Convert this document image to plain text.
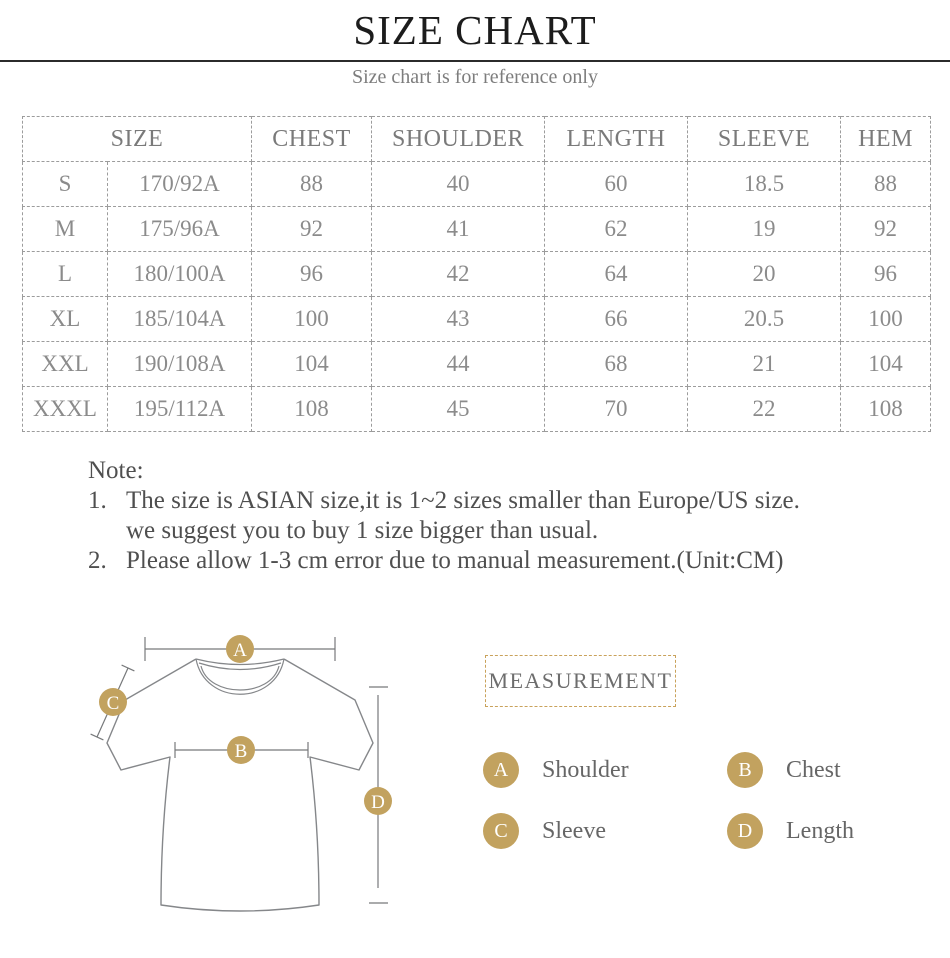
SIZE CHART
Size chart is for reference only
SIZE		CHEST	SHOULDER	LENGTH	SLEEVE	HEM
S	170/92A	88	40	60	18.5	88
M	175/96A	92	41	62	19	92
L	180/100A	96	42	64	20	96
XL	185/104A	100	43	66	20.5	100
XXL	190/108A	104	44	68	21	104
XXXL	195/112A	108	45	70	22	108
Note:
1. The size is ASIAN size,it is 1~2 sizes smaller than Europe/US size.
we suggest you to buy 1 size bigger than usual.
2. Please allow 1-3 cm error due to manual measurement.(Unit:CM)
A
C
B
D
MEASUREMENT
A Shoulder	B Chest
C Sleeve	D Length
